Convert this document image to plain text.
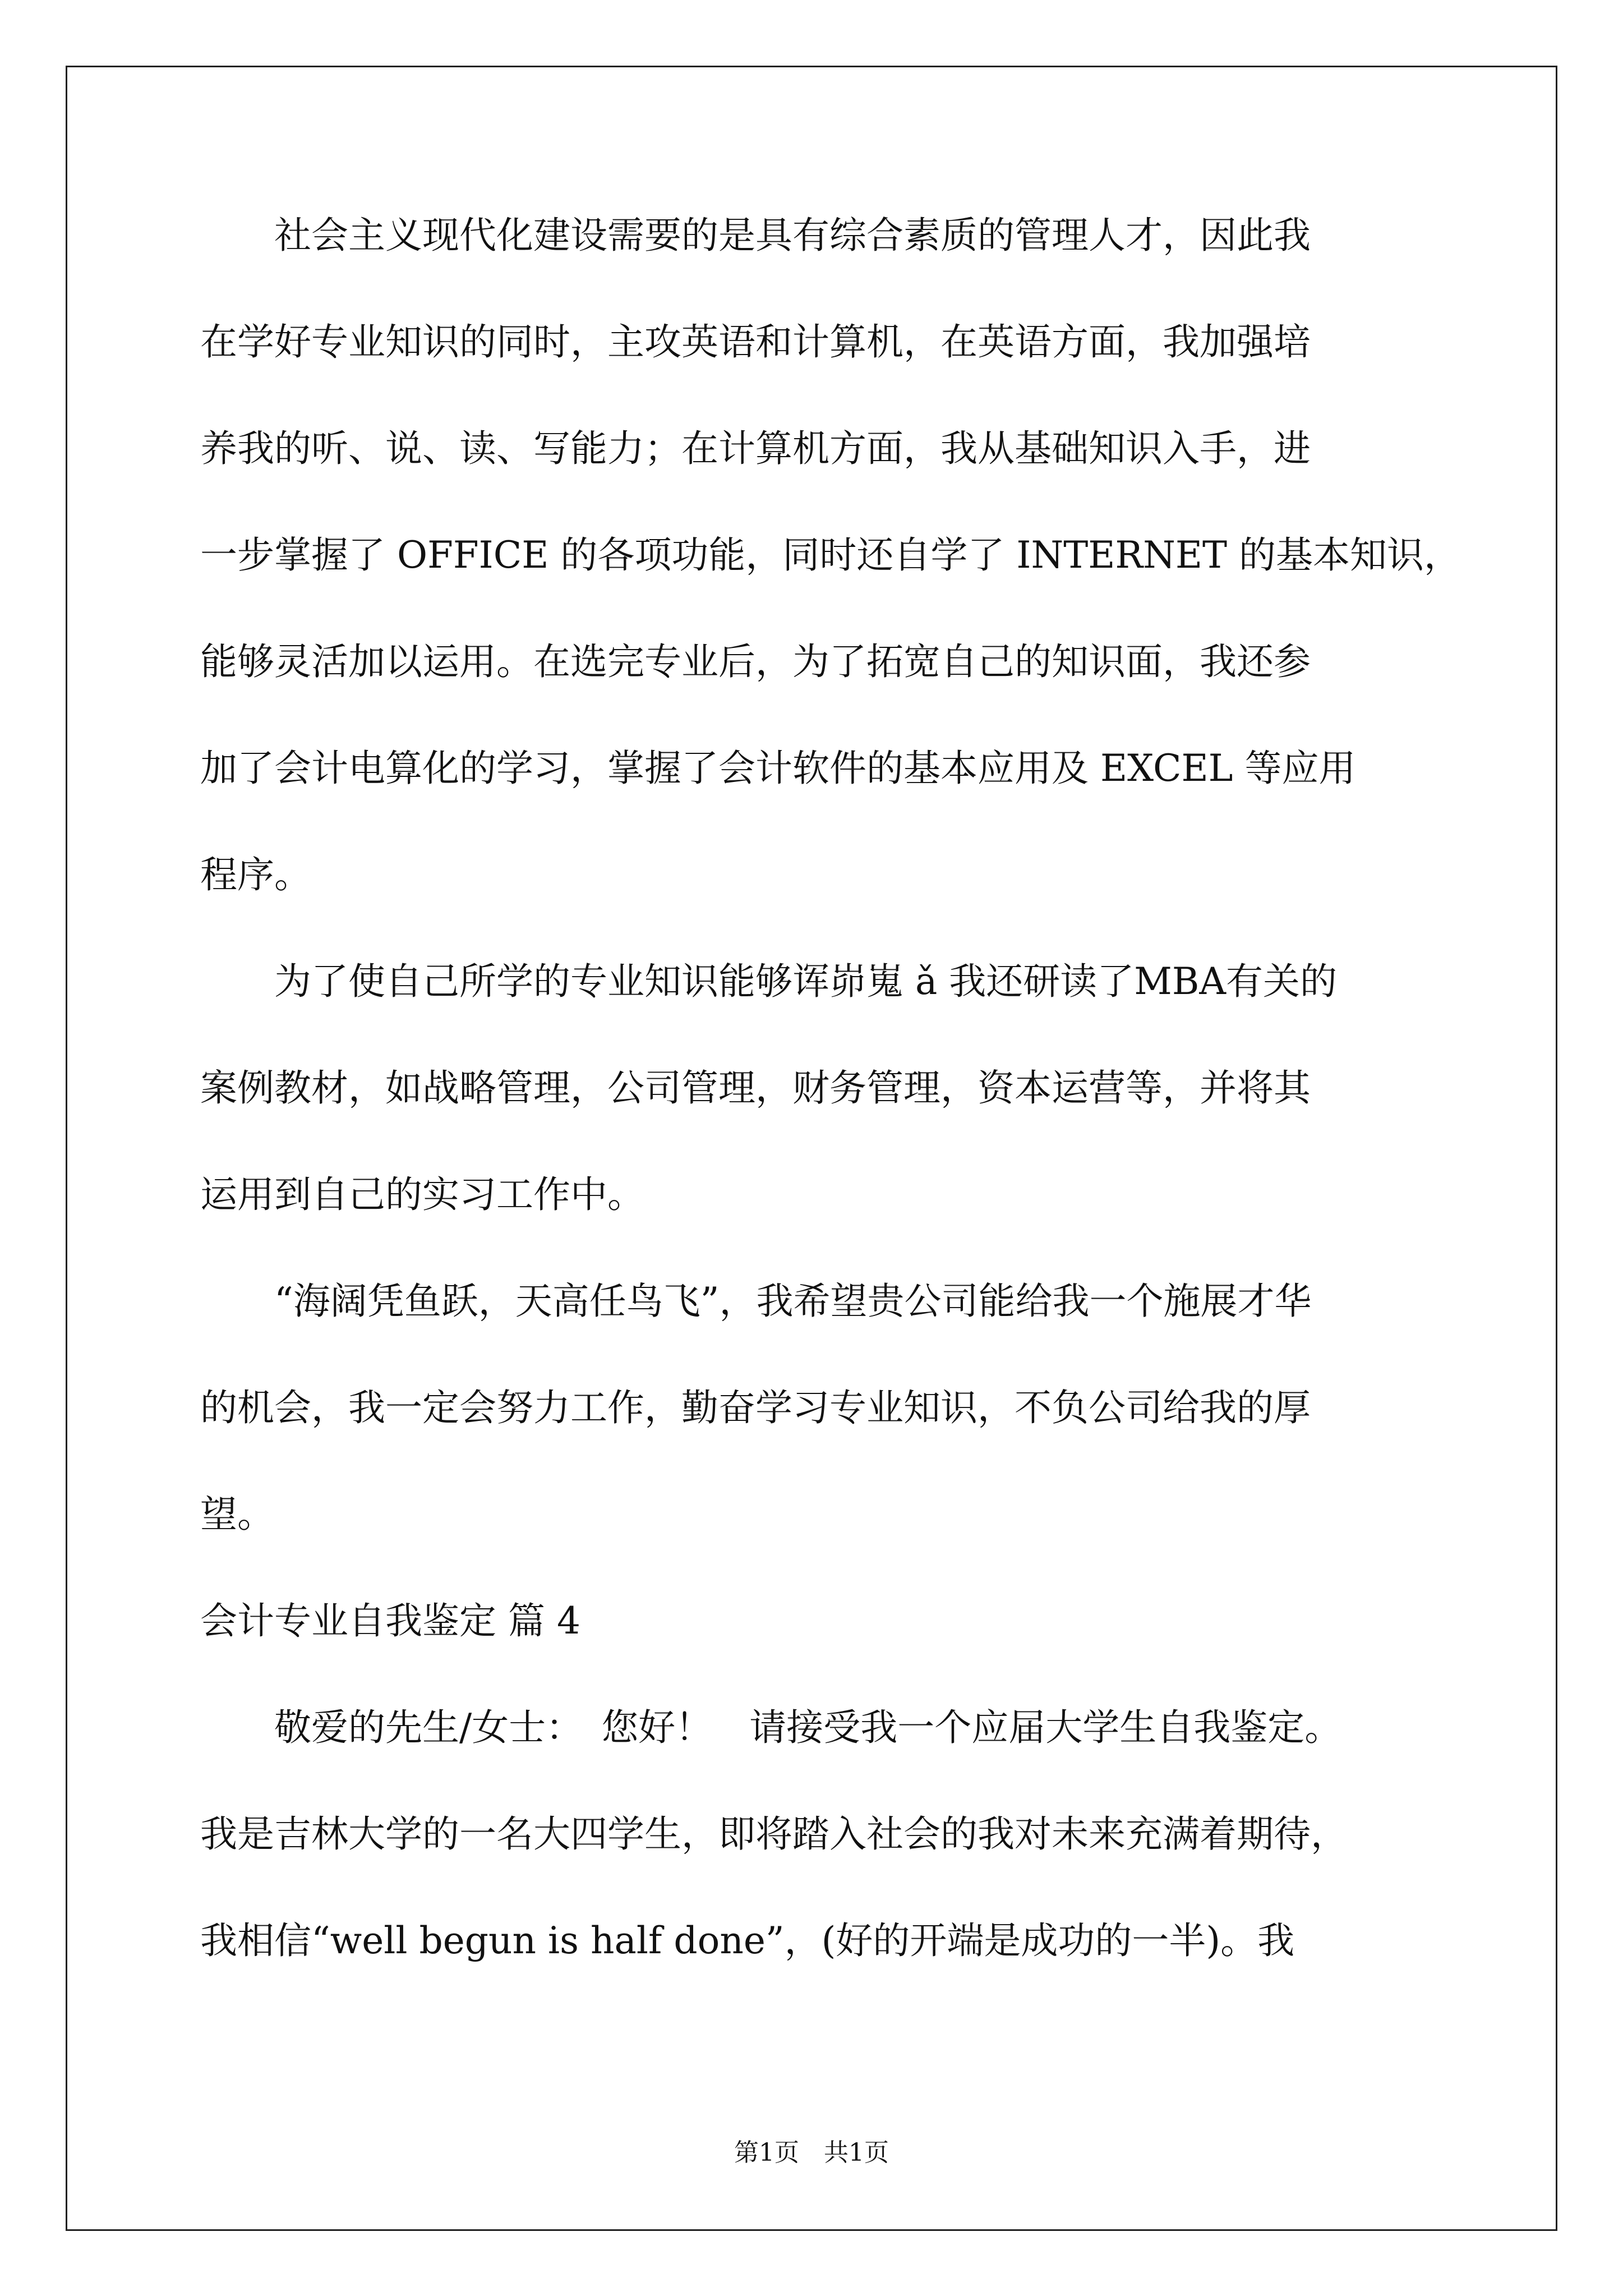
　　社会主义现代化建设需要的是具有综合素质的管理人才，因此我
在学好专业知识的同时，主攻英语和计算机，在英语方面，我加强培
养我的听、说、读、写能力；在计算机方面，我从基础知识入手，进
一步掌握了 OFFICE 的各项功能，同时还自学了 INTERNET 的基本知识，
能够灵活加以运用。在选完专业后，为了拓宽自己的知识面，我还参
加了会计电算化的学习，掌握了会计软件的基本应用及 EXCEL 等应用
程序。
　　为了使自己所学的专业知识能够诨峁嵬 ǎ 我还研读了MBA有关的
案例教材，如战略管理，公司管理，财务管理，资本运营等，并将其
运用到自己的实习工作中。
　　“海阔凭鱼跃，天高任鸟飞”，我希望贵公司能给我一个施展才华
的机会，我一定会努力工作，勤奋学习专业知识，不负公司给我的厚
望。
会计专业自我鉴定 篇 4
　　敬爱的先生/女士：　您好！　请接受我一个应届大学生自我鉴定。
我是吉林大学的一名大四学生，即将踏入社会的我对未来充满着期待，
我相信“well begun is half done”，(好的开端是成功的一半)。我
第1页　共1页
